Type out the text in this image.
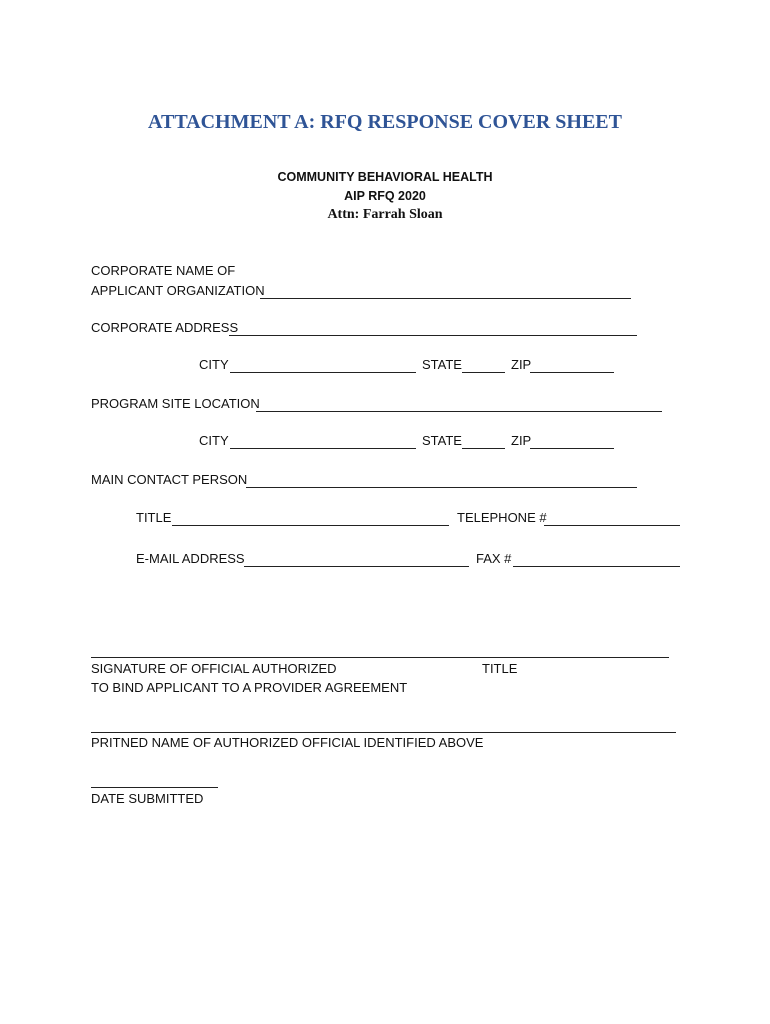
ATTACHMENT A: RFQ RESPONSE COVER SHEET
COMMUNITY BEHAVIORAL HEALTH
AIP RFQ 2020
Attn: Farrah Sloan
CORPORATE NAME OF
APPLICANT ORGANIZATION
CORPORATE ADDRESS
CITY	STATE	ZIP
PROGRAM SITE LOCATION
CITY	STATE	ZIP
MAIN CONTACT PERSON
TITLE	TELEPHONE #
E-MAIL ADDRESS	FAX #
SIGNATURE OF OFFICIAL AUTHORIZED	TITLE
TO BIND APPLICANT TO A PROVIDER AGREEMENT
PRITNED NAME OF AUTHORIZED OFFICIAL IDENTIFIED ABOVE
DATE SUBMITTED
